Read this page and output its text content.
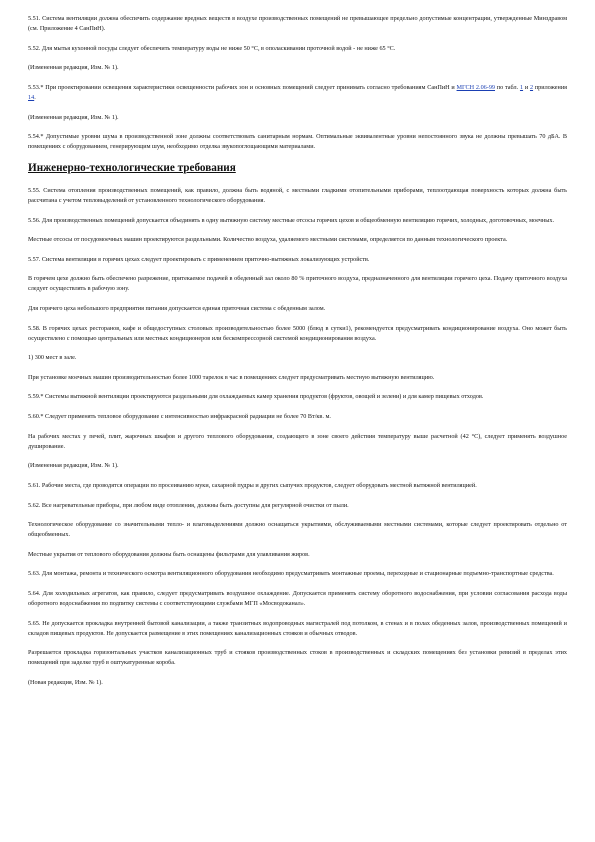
5.51. Система вентиляции должна обеспечить содержание вредных веществ в воздухе производственных помещений не превышающее предельно допустимые концентрации, утвержденные Минздравом (см. Приложение 4 СанПиН).

5.52. Для мытья кухонной посуды следует обеспечить температуру воды не ниже 50 °С, в ополаскивании проточной водой - не ниже 65 °С.

(Измененная редакция, Изм. № 1).

5.53.* При проектировании освещения характеристики освещенности рабочих зон и основных помещений следует принимать согласно требованиям СанПиН и МГСН 2.06-99 по табл. 1 и 2 приложения 14.

(Измененная редакция, Изм. № 1).

5.54.* Допустимые уровни шума в производственной зоне должны соответствовать санитарным нормам. Оптимальные эквивалентные уровни непостоянного звука не должны превышать 70 дБА. В помещениях с оборудованием, генерирующим шум, необходимо отделка звукопоглощающими материалами.

Инженерно-технологические требования

5.55. Система отопления производственных помещений, как правило, должна быть водяной, с местными гладкими отопительными приборами, теплоотдающая поверхность которых должна быть рассчитана с учетом тепловыделений от установленного технологического оборудования.

5.56. Для производственных помещений допускается объединять в одну вытяжную систему местные отсосы горячих цехов и общеобменную вентиляцию горячих, холодных, доготовочных, моечных.

Местные отсосы от посудомоечных машин проектируются раздельными. Количество воздуха, удаляемого местными системами, определяется по данным технологического проекта.

5.57. Система вентиляции в горячих цехах следует проектировать с применением приточно-вытяжных локализующих устройств.

В горячем цехе должно быть обеспечено разрежение, притекаемое подачей в обеденный зал около 80 % приточного воздуха, предназначенного для вентиляции горячего цеха. Подачу приточного воздуха следует осуществлять в рабочую зону.

Для горячего цеха небольшого предприятия питания допускается единая приточная система с обеденным залом.

5.58. В горячих цехах ресторанов, кафе и общедоступных столовых производительностью более 5000 (блюд в сутки1), рекомендуется предусматривать кондиционирование воздуха. Оно может быть осуществлено с помощью центральных или местных кондиционеров или бескомпрессорной системой кондиционирования воздуха.

1) 300 мест в зале.

При установке моечных машин производительностью более 1000 тарелок в час в помещениях следует предусматривать местную вытяжную вентиляцию.

5.59.* Системы вытяжной вентиляции проектируются раздельными для охлаждаемых камер хранения продуктов (фруктов, овощей и зелени) и для камер пищевых отходов.

5.60.* Следует применять тепловое оборудование с интенсивностью инфракрасной радиации не более 70 Вт/кв. м.

На рабочих местах у печей, плит, жарочных шкафов и другого теплового оборудования, создающего в зоне своего действия температуру выше расчетной (42 °С), следует применять воздушное душирование.

(Измененная редакция, Изм. № 1).

5.61. Рабочие места, где проводятся операции по просеиванию муки, сахарной пудры и других сыпучих продуктов, следует оборудовать местной вытяжной вентиляцией.

5.62. Все нагревательные приборы, при любом виде отопления, должны быть доступны для регулярной очистки от пыли.

Технологическое оборудование со значительными тепло- и влаговыделениями должно оснащаться укрытиями, обслуживаемыми местными системами, которые следует проектировать отдельно от общеобменных.

Местные укрытия от теплового оборудования должны быть оснащены фильтрами для улавливания жиров.

5.63. Для монтажа, ремонта и технического осмотра вентиляционного оборудования необходимо предусматривать монтажные проемы, переходные и стационарные подъемно-транспортные средства.

5.64. Для холодильных агрегатов, как правило, следует предусматривать воздушное охлаждение. Допускается применять систему оборотного водоснабжения, при условии согласования расхода воды оборотного водоснабжения по подпитку системы с соответствующими службами МГП «Мосводоканал».

5.65. Не допускается прокладка внутренней бытовой канализации, а также транзитных водопроводных магистралей под потолком, в стенах и в полах обеденных залов, производственных помещений и складов пищевых продуктов. Не допускается размещение в этих помещениях канализационных стояков и обычных отводов.

Разрешается прокладка горизонтальных участков канализационных труб и стояков производственных стоков в производственных и складских помещениях без установки ревизий в пределах этих помещений при заделке труб в оштукатуренные короба.

(Новая редакция, Изм. № 1).
